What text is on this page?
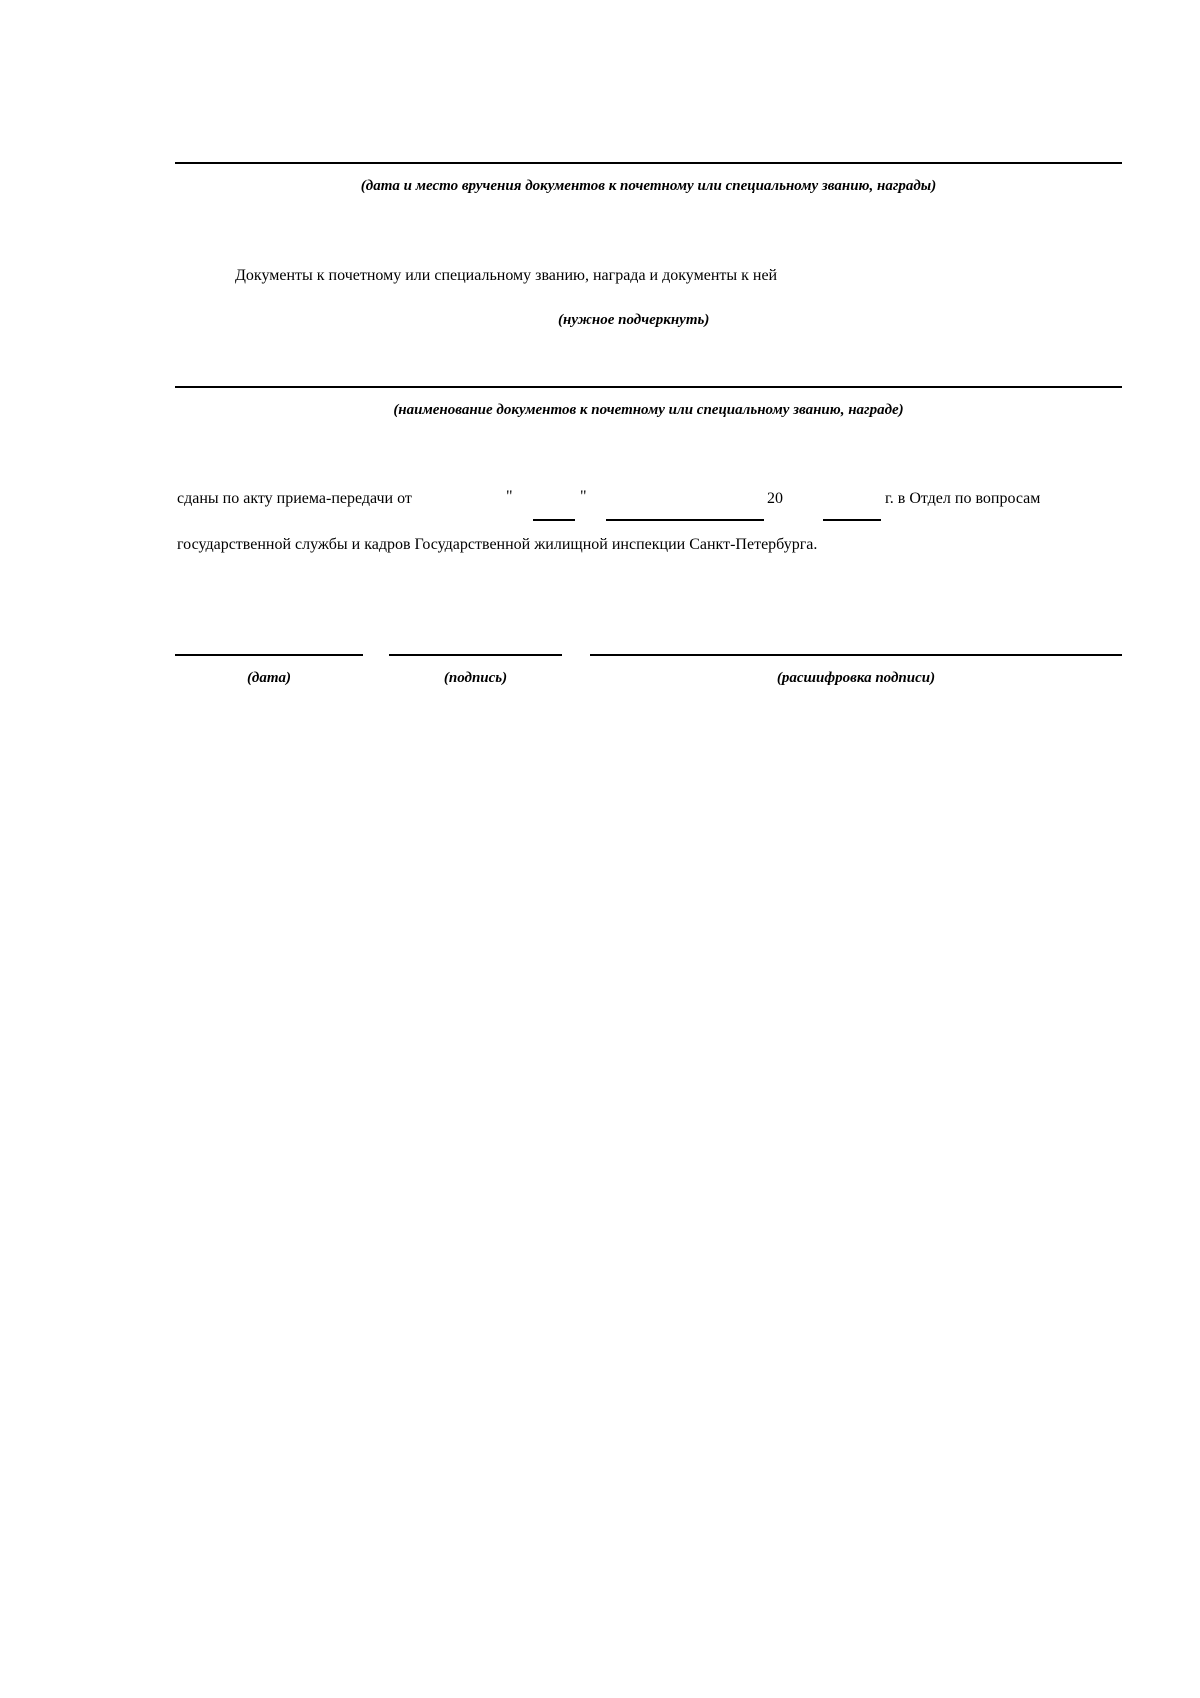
(дата и место вручения документов к почетному или специальному званию, награды)
Документы к почетному или специальному званию, награда и документы к ней
(нужное подчеркнуть)
(наименование документов к почетному или специальному званию, награде)
сданы по акту приема-передачи от	"	"	20	г. в Отдел по вопросам
государственной службы и кадров Государственной жилищной инспекции Санкт-Петербурга.
(дата)	(подпись)	(расшифровка подписи)
